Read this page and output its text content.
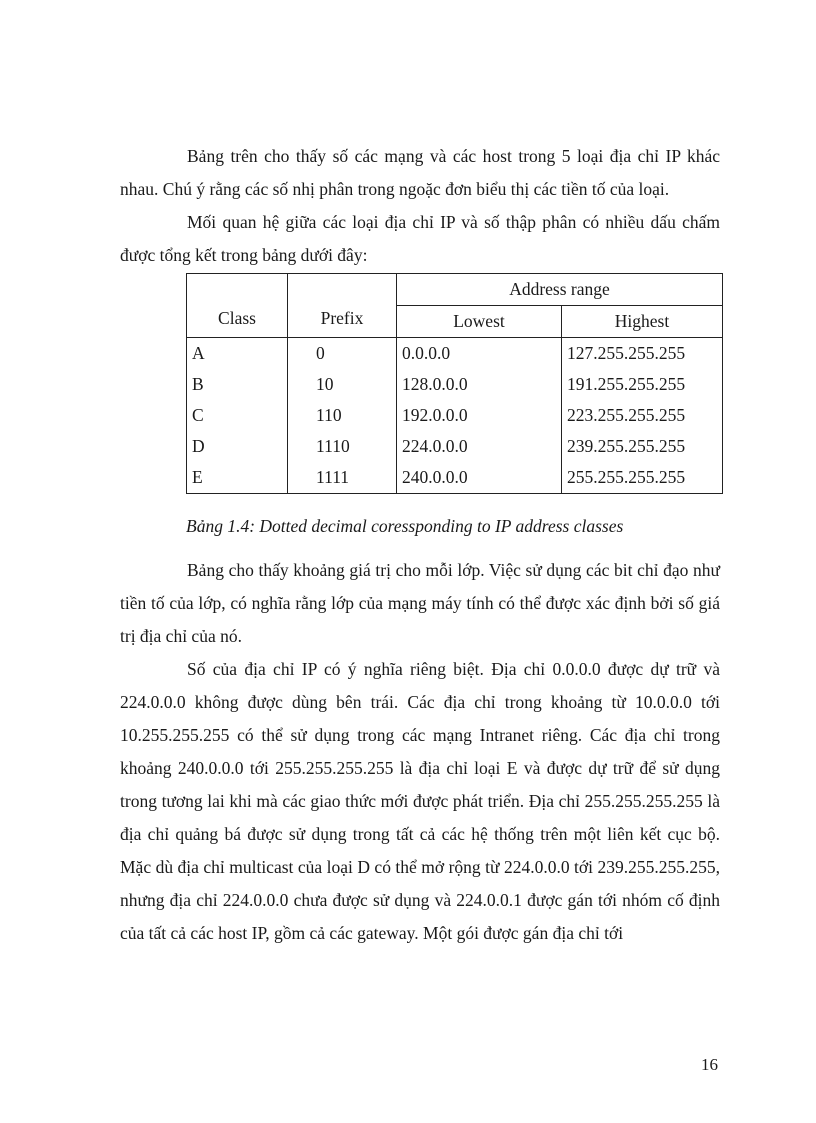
Bảng trên cho thấy số các mạng và các host trong 5 loại địa chỉ IP khác nhau. Chú ý rằng các số nhị phân trong ngoặc đơn biểu thị các tiền tố của loại.

Mối quan hệ giữa các loại địa chỉ IP và số thập phân có nhiều dấu chấm được tổng kết trong bảng dưới đây:

Class	Prefix	Address range	
		Lowest	Highest
A	0	0.0.0.0	127.255.255.255
B	10	128.0.0.0	191.255.255.255
C	110	192.0.0.0	223.255.255.255
D	1110	224.0.0.0	239.255.255.255
E	1111	240.0.0.0	255.255.255.255
Bảng 1.4: Dotted decimal coressponding to IP address classes

Bảng cho thấy khoảng giá trị cho mỗi lớp. Việc sử dụng các bit chỉ đạo như tiền tố của lớp, có nghĩa rằng lớp của mạng máy tính có thể được xác định bởi số giá trị địa chỉ của nó.

Số của địa chỉ IP có ý nghĩa riêng biệt. Địa chỉ 0.0.0.0 được dự trữ và 224.0.0.0 không được dùng bên trái. Các địa chỉ trong khoảng từ 10.0.0.0 tới 10.255.255.255 có thể sử dụng trong các mạng Intranet riêng. Các địa chỉ trong khoảng 240.0.0.0 tới 255.255.255.255 là địa chỉ loại E và được dự trữ để sử dụng trong tương lai khi mà các giao thức mới được phát triển. Địa chỉ 255.255.255.255 là địa chỉ quảng bá được sử dụng trong tất cả các hệ thống trên một liên kết cục bộ. Mặc dù địa chỉ multicast của loại D có thể mở rộng từ 224.0.0.0 tới 239.255.255.255, nhưng địa chỉ 224.0.0.0 chưa được sử dụng và 224.0.0.1 được gán tới nhóm cố định của tất cả các host IP, gồm cả các gateway. Một gói được gán địa chỉ tới

16
